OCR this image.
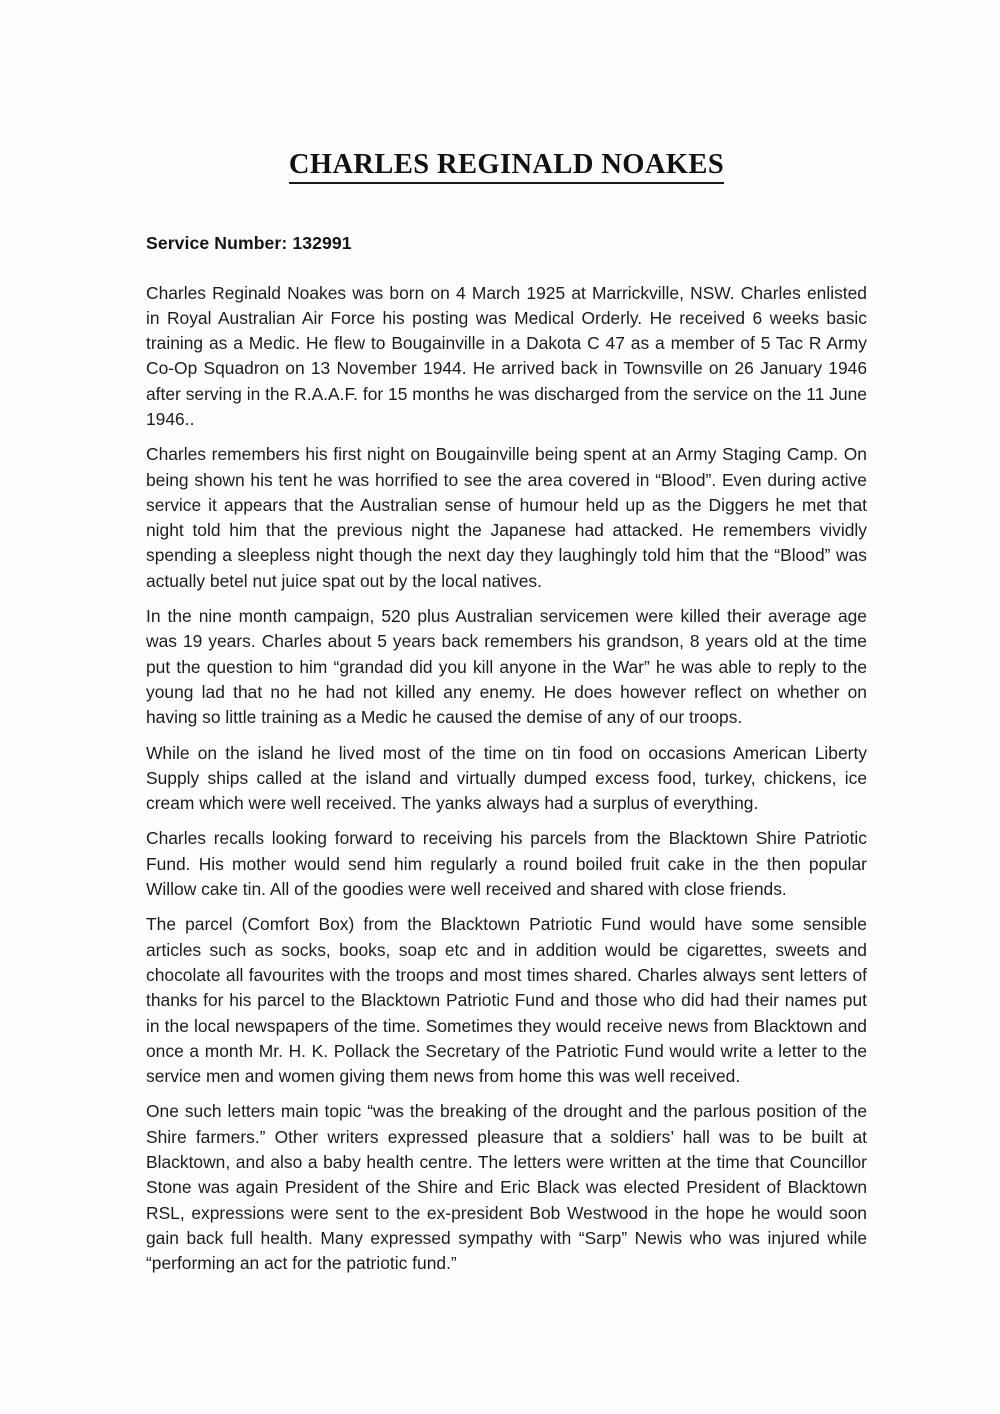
CHARLES REGINALD NOAKES
Service Number: 132991

Charles Reginald Noakes was born on 4 March 1925 at Marrickville, NSW. Charles enlisted in Royal Australian Air Force his posting was Medical Orderly. He received 6 weeks basic training as a Medic. He flew to Bougainville in a Dakota C 47 as a member of 5 Tac R Army Co-Op Squadron on 13 November 1944. He arrived back in Townsville on 26 January 1946 after serving in the R.A.A.F. for 15 months he was discharged from the service on the 11 June 1946..

Charles remembers his first night on Bougainville being spent at an Army Staging Camp. On being shown his tent he was horrified to see the area covered in “Blood”. Even during active service it appears that the Australian sense of humour held up as the Diggers he met that night told him that the previous night the Japanese had attacked. He remembers vividly spending a sleepless night though the next day they laughingly told him that the “Blood” was actually betel nut juice spat out by the local natives.

In the nine month campaign, 520 plus Australian servicemen were killed their average age was 19 years. Charles about 5 years back remembers his grandson, 8 years old at the time put the question to him “grandad did you kill anyone in the War” he was able to reply to the young lad that no he had not killed any enemy. He does however reflect on whether on having so little training as a Medic he caused the demise of any of our troops.

While on the island he lived most of the time on tin food on occasions American Liberty Supply ships called at the island and virtually dumped excess food, turkey, chickens, ice cream which were well received. The yanks always had a surplus of everything.

Charles recalls looking forward to receiving his parcels from the Blacktown Shire Patriotic Fund. His mother would send him regularly a round boiled fruit cake in the then popular Willow cake tin. All of the goodies were well received and shared with close friends.

The parcel (Comfort Box) from the Blacktown Patriotic Fund would have some sensible articles such as socks, books, soap etc and in addition would be cigarettes, sweets and chocolate all favourites with the troops and most times shared. Charles always sent letters of thanks for his parcel to the Blacktown Patriotic Fund and those who did had their names put in the local newspapers of the time. Sometimes they would receive news from Blacktown and once a month Mr. H. K. Pollack the Secretary of the Patriotic Fund would write a letter to the service men and women giving them news from home this was well received.

One such letters main topic “was the breaking of the drought and the parlous position of the Shire farmers.” Other writers expressed pleasure that a soldiers’ hall was to be built at Blacktown, and also a baby health centre. The letters were written at the time that Councillor Stone was again President of the Shire and Eric Black was elected President of Blacktown RSL, expressions were sent to the ex-president Bob Westwood in the hope he would soon gain back full health. Many expressed sympathy with “Sarp” Newis who was injured while “performing an act for the patriotic fund.”
